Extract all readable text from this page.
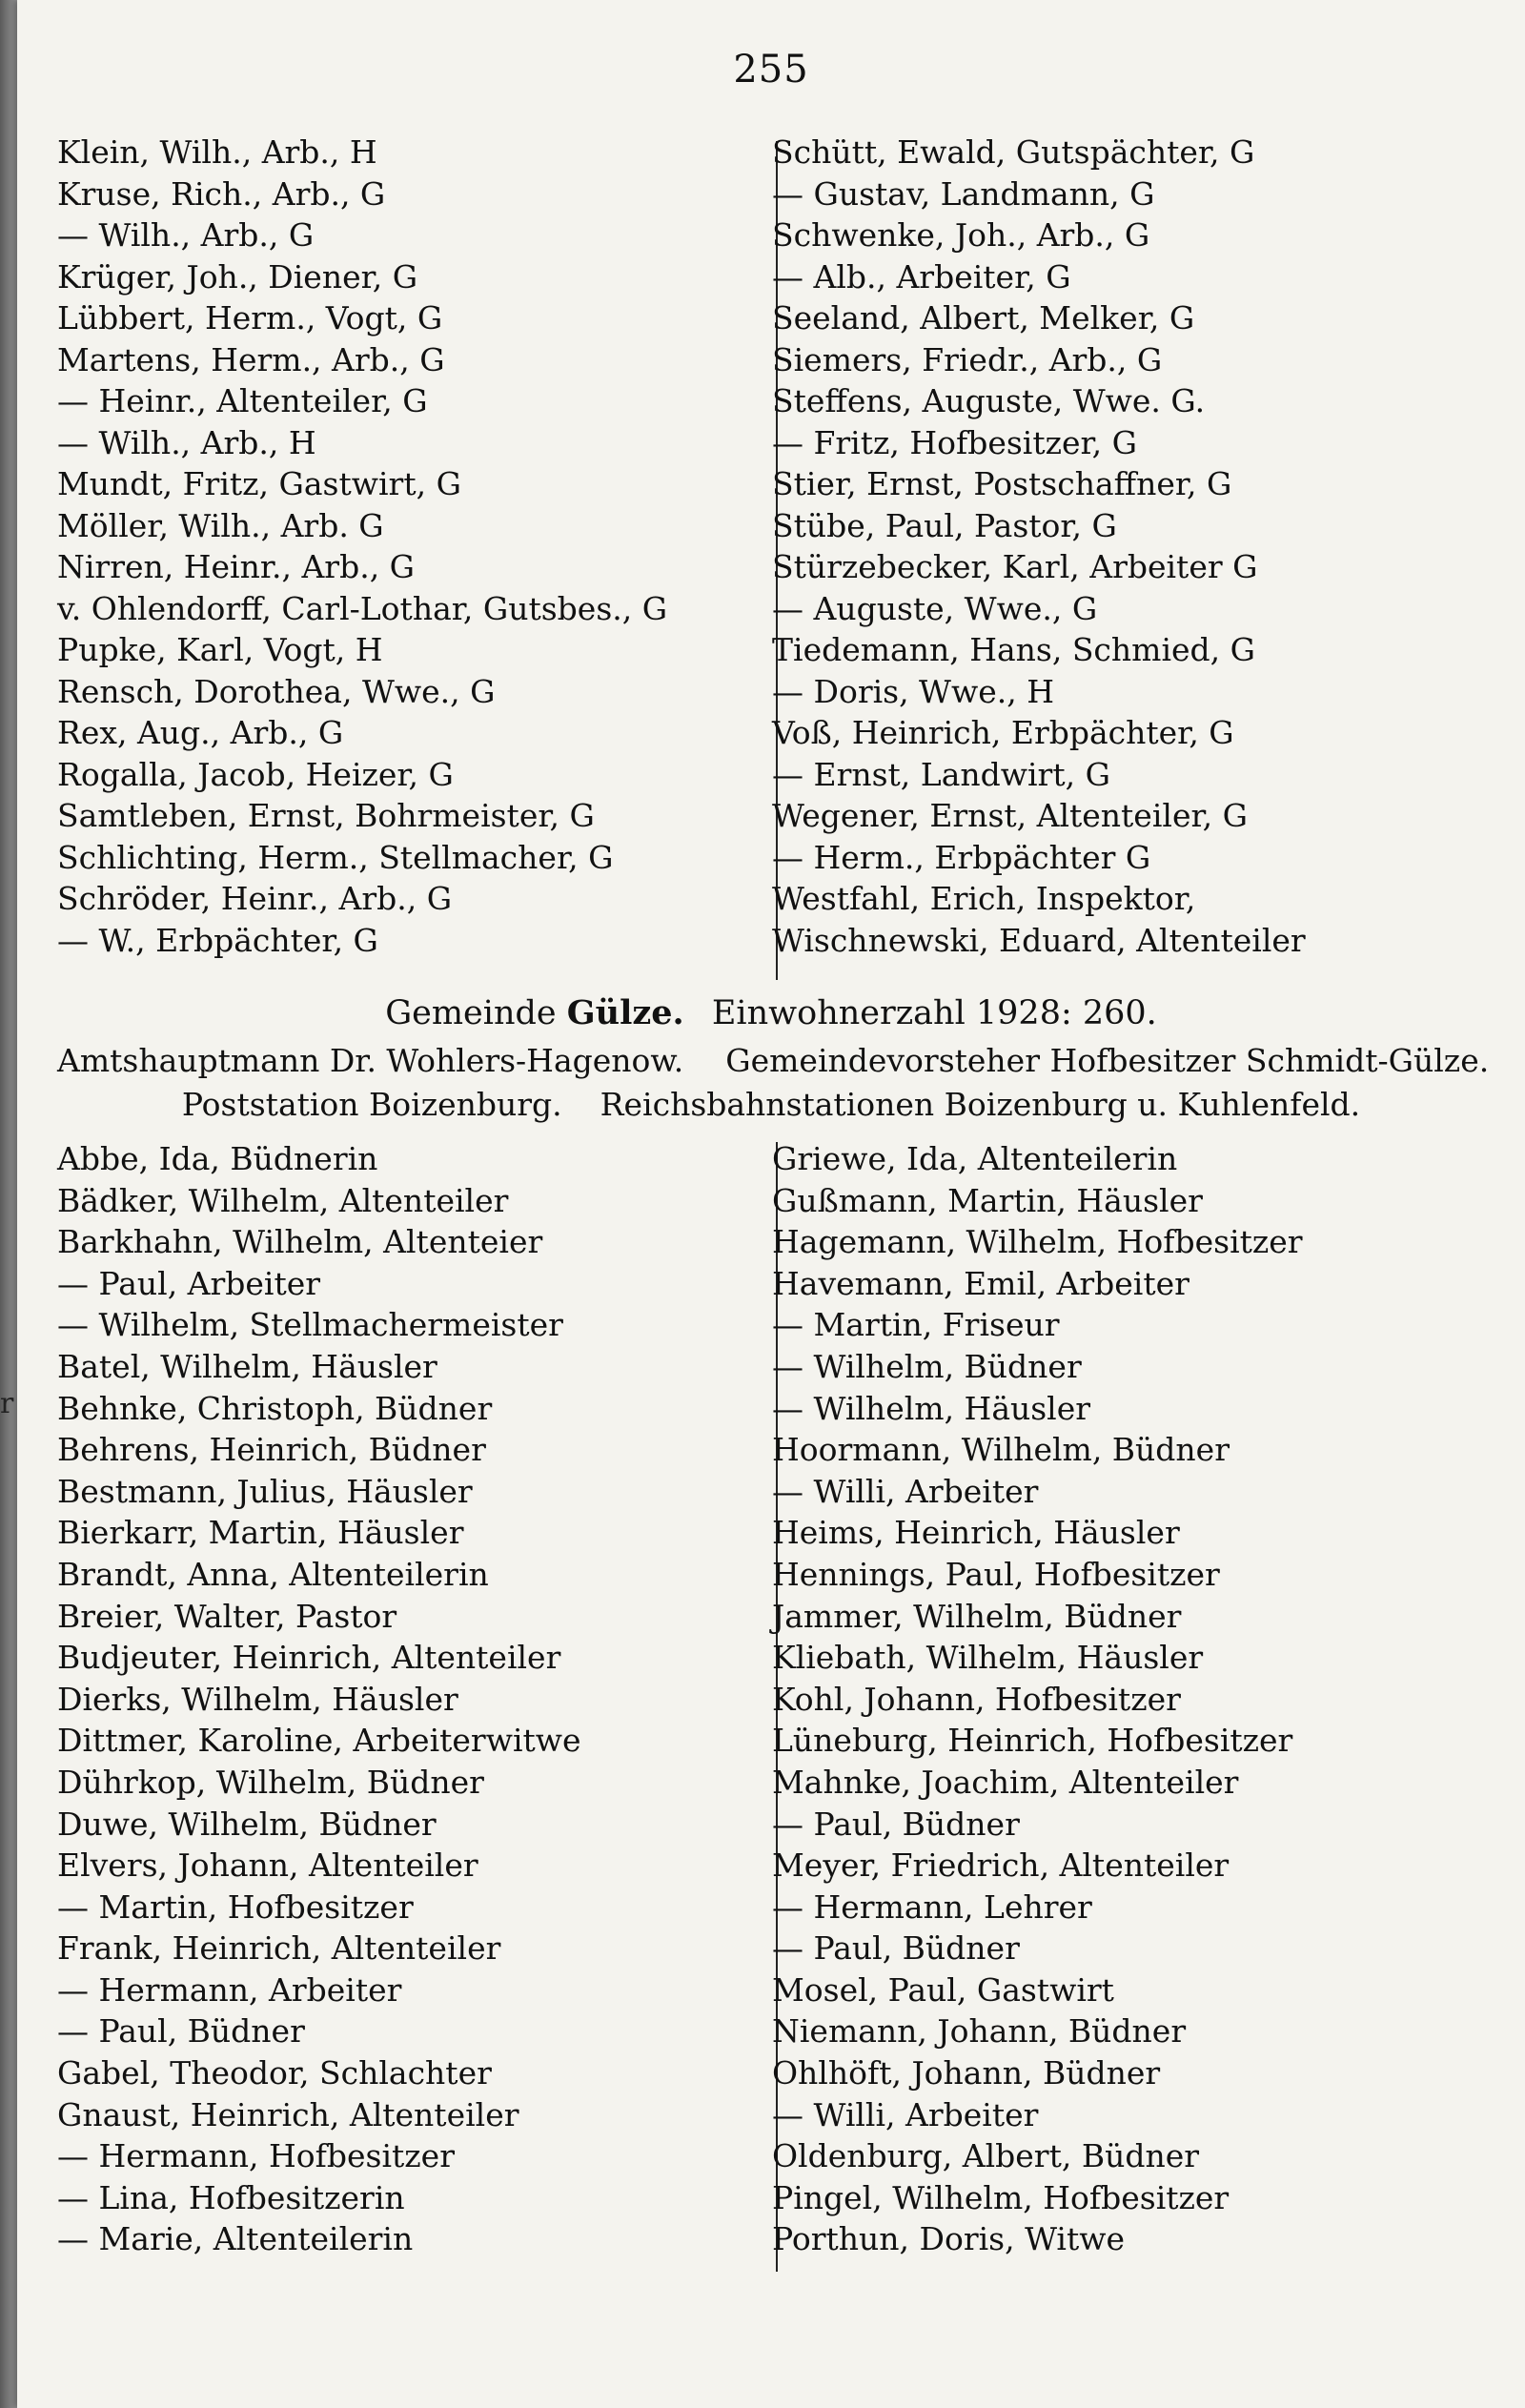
r
255
Klein, Wilh., Arb., H
Kruse, Rich., Arb., G
— Wilh., Arb., G
Krüger, Joh., Diener, G
Lübbert, Herm., Vogt, G
Martens, Herm., Arb., G
— Heinr., Altenteiler, G
— Wilh., Arb., H
Mundt, Fritz, Gastwirt, G
Möller, Wilh., Arb. G
Nirren, Heinr., Arb., G
v. Ohlendorff, Carl-Lothar, Gutsbes., G
Pupke, Karl, Vogt, H
Rensch, Dorothea, Wwe., G
Rex, Aug., Arb., G
Rogalla, Jacob, Heizer, G
Samtleben, Ernst, Bohrmeister, G
Schlichting, Herm., Stellmacher, G
Schröder, Heinr., Arb., G
— W., Erbpächter, G
Schütt, Ewald, Gutspächter, G
— Gustav, Landmann, G
Schwenke, Joh., Arb., G
— Alb., Arbeiter, G
Seeland, Albert, Melker, G
Siemers, Friedr., Arb., G
Steffens, Auguste, Wwe. G.
— Fritz, Hofbesitzer, G
Stier, Ernst, Postschaffner, G
Stübe, Paul, Pastor, G
Stürzebecker, Karl, Arbeiter G
— Auguste, Wwe., G
Tiedemann, Hans, Schmied, G
— Doris, Wwe., H
Voß, Heinrich, Erbpächter, G
— Ernst, Landwirt, G
Wegener, Ernst, Altenteiler, G
— Herm., Erbpächter G
Westfahl, Erich, Inspektor,
Wischnewski, Eduard, Altenteiler
Gemeinde Gülze. Einwohnerzahl 1928: 260.
Amtshauptmann Dr. Wohlers-Hagenow. Gemeindevorsteher Hofbesitzer Schmidt-Gülze.
Poststation Boizenburg. Reichsbahnstationen Boizenburg u. Kuhlenfeld.
Abbe, Ida, Büdnerin
Bädker, Wilhelm, Altenteiler
Barkhahn, Wilhelm, Altenteier
— Paul, Arbeiter
— Wilhelm, Stellmachermeister
Batel, Wilhelm, Häusler
Behnke, Christoph, Büdner
Behrens, Heinrich, Büdner
Bestmann, Julius, Häusler
Bierkarr, Martin, Häusler
Brandt, Anna, Altenteilerin
Breier, Walter, Pastor
Budjeuter, Heinrich, Altenteiler
Dierks, Wilhelm, Häusler
Dittmer, Karoline, Arbeiterwitwe
Dührkop, Wilhelm, Büdner
Duwe, Wilhelm, Büdner
Elvers, Johann, Altenteiler
— Martin, Hofbesitzer
Frank, Heinrich, Altenteiler
— Hermann, Arbeiter
— Paul, Büdner
Gabel, Theodor, Schlachter
Gnaust, Heinrich, Altenteiler
— Hermann, Hofbesitzer
— Lina, Hofbesitzerin
— Marie, Altenteilerin
Griewe, Ida, Altenteilerin
Gußmann, Martin, Häusler
Hagemann, Wilhelm, Hofbesitzer
Havemann, Emil, Arbeiter
— Martin, Friseur
— Wilhelm, Büdner
— Wilhelm, Häusler
Hoormann, Wilhelm, Büdner
— Willi, Arbeiter
Heims, Heinrich, Häusler
Hennings, Paul, Hofbesitzer
Jammer, Wilhelm, Büdner
Kliebath, Wilhelm, Häusler
Kohl, Johann, Hofbesitzer
Lüneburg, Heinrich, Hofbesitzer
Mahnke, Joachim, Altenteiler
— Paul, Büdner
Meyer, Friedrich, Altenteiler
— Hermann, Lehrer
— Paul, Büdner
Mosel, Paul, Gastwirt
Niemann, Johann, Büdner
Ohlhöft, Johann, Büdner
— Willi, Arbeiter
Oldenburg, Albert, Büdner
Pingel, Wilhelm, Hofbesitzer
Porthun, Doris, Witwe
